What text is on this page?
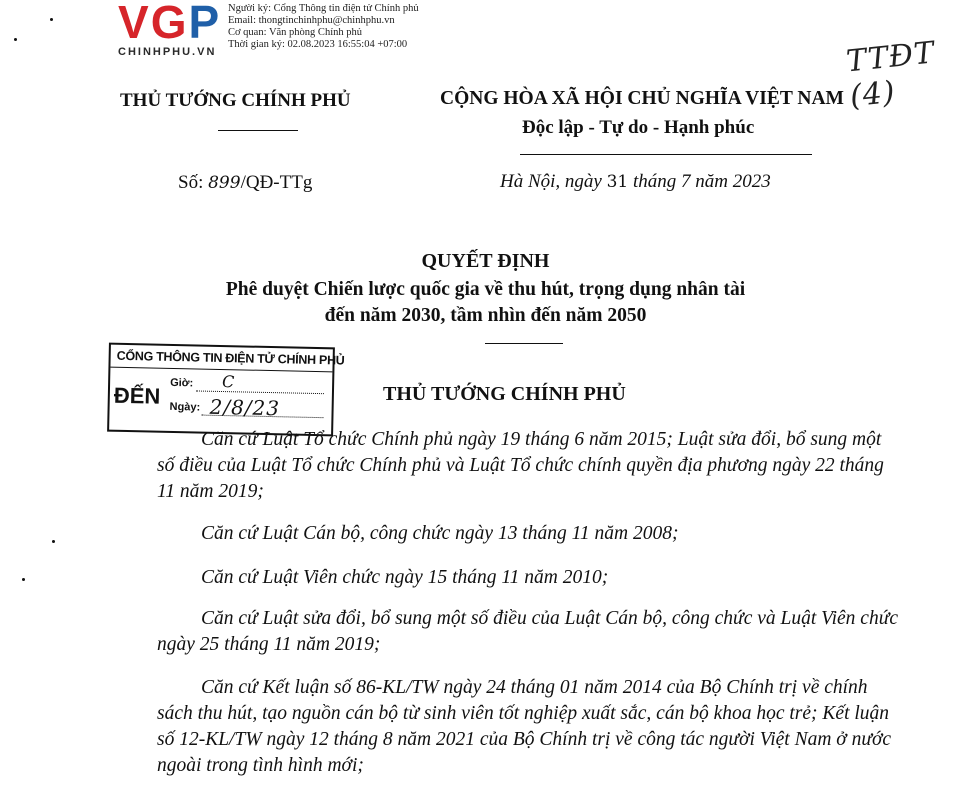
VGP
CHINHPHU.VN
Người ký: Cổng Thông tin điện tử Chính phủ
Email: thongtinchinhphu@chinhphu.vn
Cơ quan: Văn phòng Chính phủ
Thời gian ký: 02.08.2023 16:55:04 +07:00	TTĐT (4)
THỦ TƯỚNG CHÍNH PHỦ	CỘNG HÒA XÃ HỘI CHỦ NGHĨA VIỆT NAM
Độc lập - Tự do - Hạnh phúc
Số: 899/QĐ-TTg	Hà Nội, ngày 31 tháng 7 năm 2023
QUYẾT ĐỊNH
Phê duyệt Chiến lược quốc gia về thu hút, trọng dụng nhân tài
đến năm 2030, tầm nhìn đến năm 2050
CỔNG THÔNG TIN ĐIỆN TỬ CHÍNH PHỦ
ĐẾN Giờ: C
Ngày: 2/8/23
THỦ TƯỚNG CHÍNH PHỦ
Căn cứ Luật Tổ chức Chính phủ ngày 19 tháng 6 năm 2015; Luật sửa đổi, bổ sung một số điều của Luật Tổ chức Chính phủ và Luật Tổ chức chính quyền địa phương ngày 22 tháng 11 năm 2019;
Căn cứ Luật Cán bộ, công chức ngày 13 tháng 11 năm 2008;
Căn cứ Luật Viên chức ngày 15 tháng 11 năm 2010;
Căn cứ Luật sửa đổi, bổ sung một số điều của Luật Cán bộ, công chức và Luật Viên chức ngày 25 tháng 11 năm 2019;
Căn cứ Kết luận số 86-KL/TW ngày 24 tháng 01 năm 2014 của Bộ Chính trị về chính sách thu hút, tạo nguồn cán bộ từ sinh viên tốt nghiệp xuất sắc, cán bộ khoa học trẻ; Kết luận số 12-KL/TW ngày 12 tháng 8 năm 2021 của Bộ Chính trị về công tác người Việt Nam ở nước ngoài trong tình hình mới;
